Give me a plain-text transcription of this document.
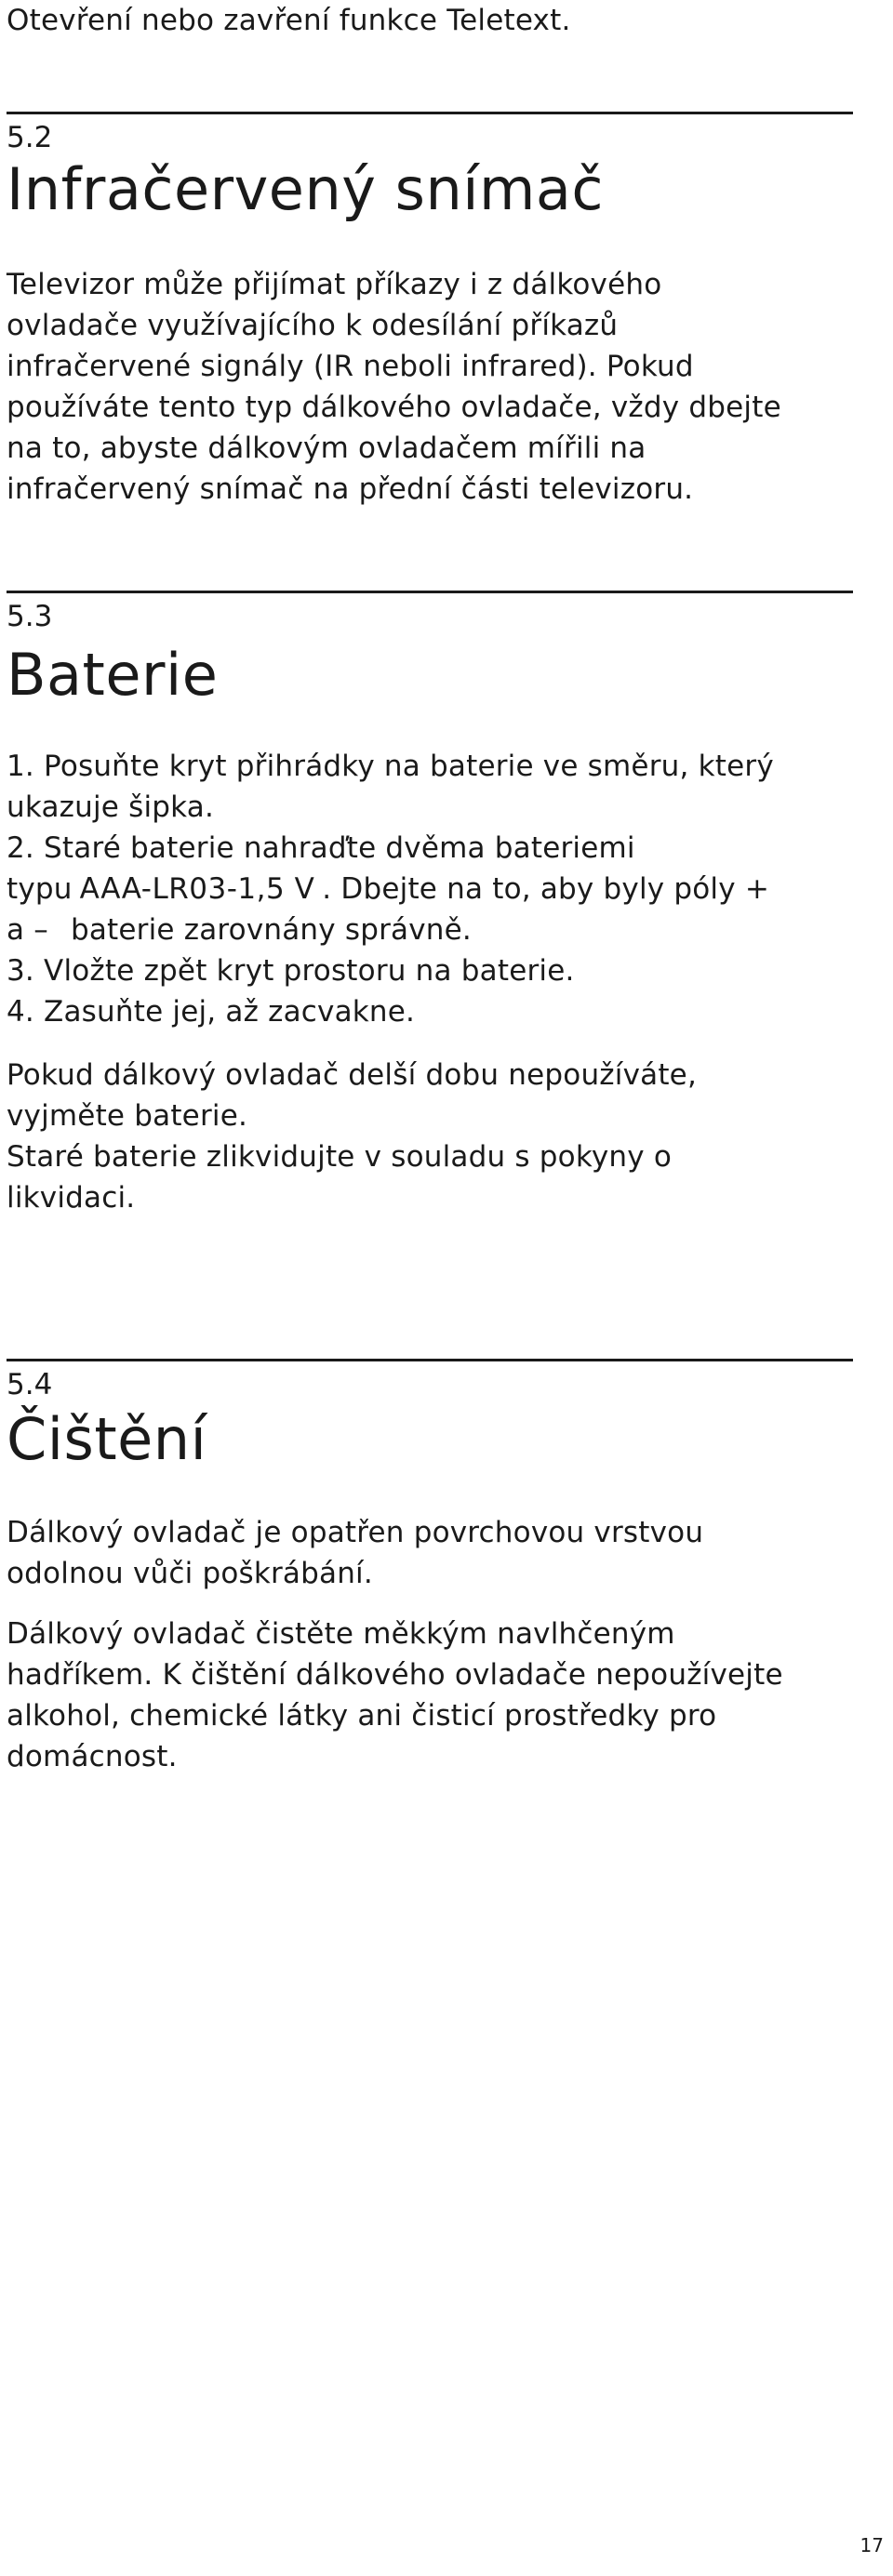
Otevření nebo zavření funkce Teletext.

5.2

Infračervený snímač
Televizor může přijímat příkazy i z dálkového
ovladače využívajícího k odesílání příkazů
infračervené signály (IR neboli infrared). Pokud
používáte tento typ dálkového ovladače, vždy dbejte
na to, abyste dálkovým ovladačem mířili na
infračervený snímač na přední části televizoru.

5.3

Baterie
1. Posuňte kryt přihrádky na baterie ve směru, který
ukazuje šipka.
2. Staré baterie nahraďte dvěma bateriemi
typu AAA-LR03-1,5 V . Dbejte na to, aby byly póly +
a – baterie zarovnány správně.
3. Vložte zpět kryt prostoru na baterie.
4. Zasuňte jej, až zacvakne.
Pokud dálkový ovladač delší dobu nepoužíváte,
vyjměte baterie.
Staré baterie zlikvidujte v souladu s pokyny o
likvidaci.

5.4

Čištění
Dálkový ovladač je opatřen povrchovou vrstvou
odolnou vůči poškrábání.
Dálkový ovladač čistěte měkkým navlhčeným
hadříkem. K čištění dálkového ovladače nepoužívejte
alkohol, chemické látky ani čisticí prostředky pro
domácnost.
17
